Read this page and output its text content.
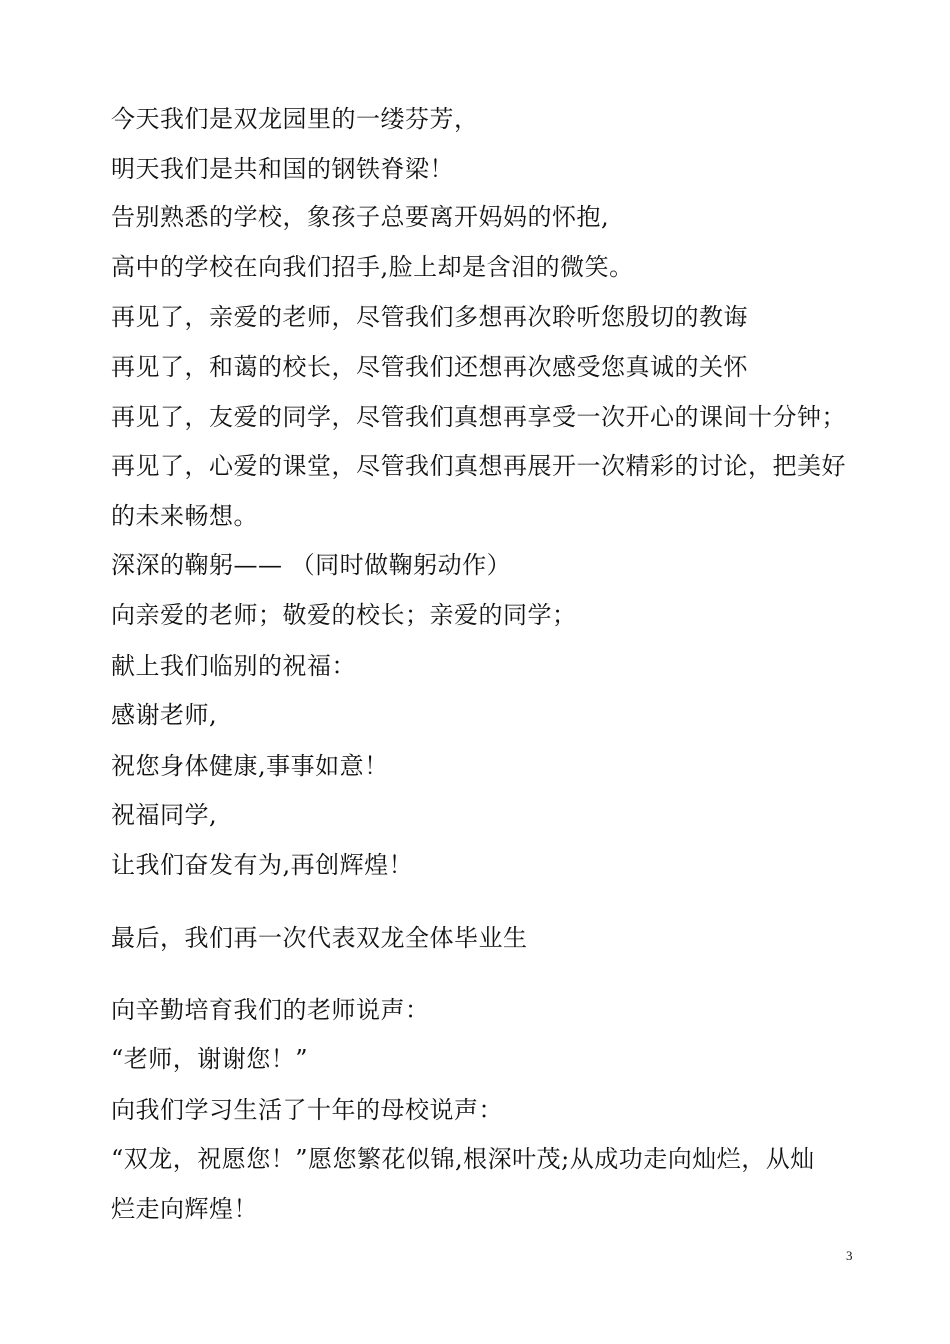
今天我们是双龙园里的一缕芬芳，
明天我们是共和国的钢铁脊梁！
告别熟悉的学校，象孩子总要离开妈妈的怀抱,
高中的学校在向我们招手,脸上却是含泪的微笑。
再见了，亲爱的老师，尽管我们多想再次聆听您殷切的教诲
再见了，和蔼的校长，尽管我们还想再次感受您真诚的关怀
再见了，友爱的同学，尽管我们真想再享受一次开心的课间十分钟；
再见了，心爱的课堂，尽管我们真想再展开一次精彩的讨论，把美好
的未来畅想。
深深的鞠躬—— （同时做鞠躬动作）
向亲爱的老师；敬爱的校长；亲爱的同学；
献上我们临别的祝福：
感谢老师,
祝您身体健康,事事如意！
祝福同学,
让我们奋发有为,再创辉煌！
最后，我们再一次代表双龙全体毕业生
向辛勤培育我们的老师说声：
“老师，谢谢您！”
向我们学习生活了十年的母校说声：
“双龙，祝愿您！”愿您繁花似锦,根深叶茂;从成功走向灿烂，从灿
烂走向辉煌！
3
